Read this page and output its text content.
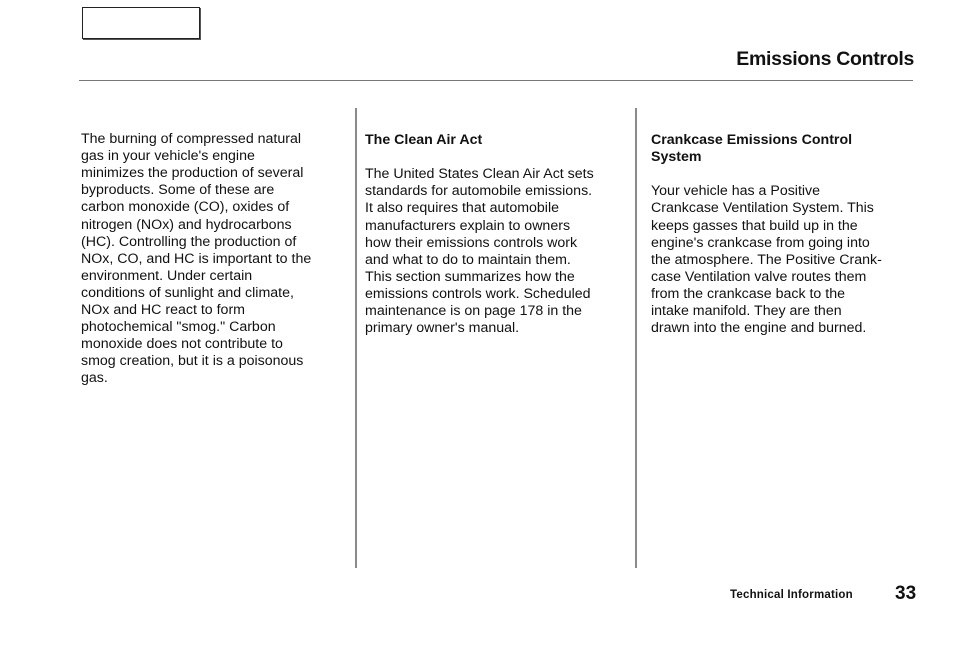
Emissions Controls

The burning of compressed natural
gas in your vehicle's engine
minimizes the production of several
byproducts. Some of these are
carbon monoxide (CO), oxides of
nitrogen (NOx) and hydrocarbons
(HC). Controlling the production of
NOx, CO, and HC is important to the
environment. Under certain
conditions of sunlight and climate,
NOx and HC react to form
photochemical "smog." Carbon
monoxide does not contribute to
smog creation, but it is a poisonous
gas.

The Clean Air Act

The United States Clean Air Act sets
standards for automobile emissions.
It also requires that automobile
manufacturers explain to owners
how their emissions controls work
and what to do to maintain them.
This section summarizes how the
emissions controls work. Scheduled
maintenance is on page 178 in the
primary owner's manual.

Crankcase Emissions Control
System

Your vehicle has a Positive
Crankcase Ventilation System. This
keeps gasses that build up in the
engine's crankcase from going into
the atmosphere. The Positive Crank-
case Ventilation valve routes them
from the crankcase back to the
intake manifold. They are then
drawn into the engine and burned.

Technical Information 33
